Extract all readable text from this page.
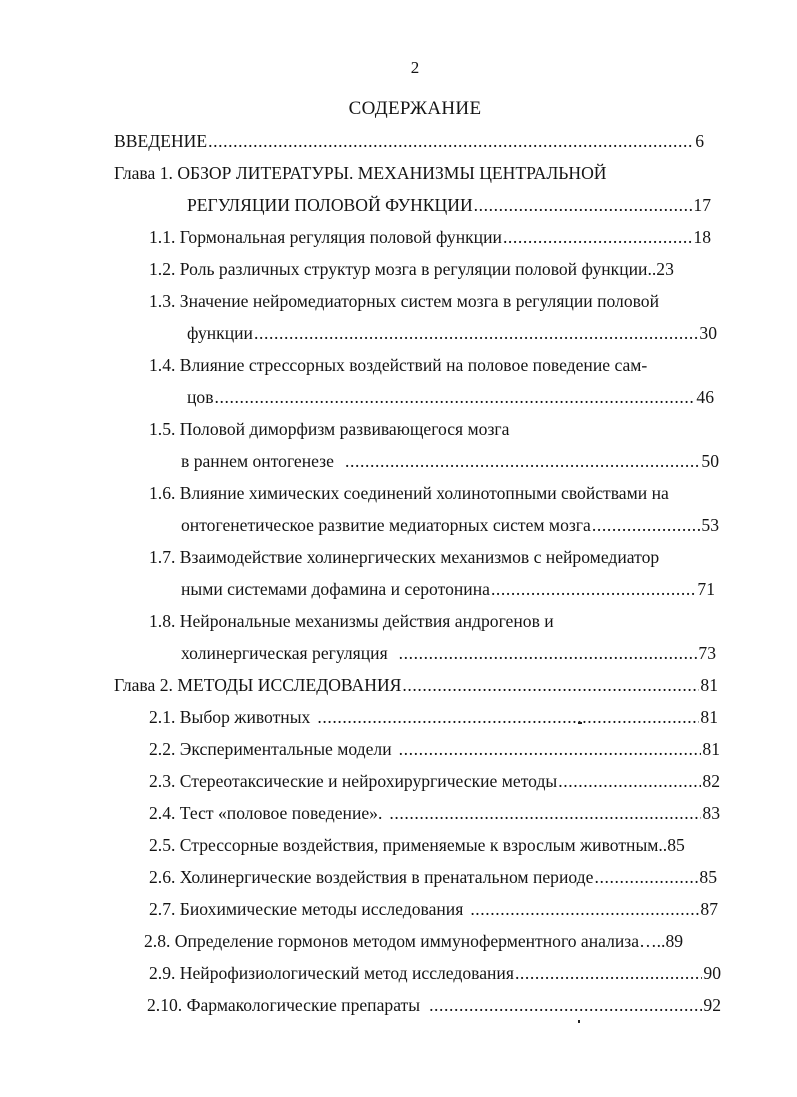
2
СОДЕРЖАНИЕ
ВВЕДЕНИЕ .....	6
Глава 1. ОБЗОР ЛИТЕРАТУРЫ. МЕХАНИЗМЫ ЦЕНТРАЛЬНОЙ
РЕГУЛЯЦИИ ПОЛОВОЙ ФУНКЦИИ .....	17
1.1. Гормональная регуляция половой функции .....	18
1.2. Роль различных структур мозга в регуляции половой функции.. 23
1.3. Значение нейромедиаторных систем мозга в регуляции половой
функции .....	30
1.4. Влияние стрессорных воздействий на половое поведение сам-
цов .....	46
1.5. Половой диморфизм развивающегося мозга
в раннем онтогенезе .....	50
1.6. Влияние химических соединений холинотопными свойствами на
онтогенетическое развитие медиаторных систем мозга .....	53
1.7. Взаимодействие холинергических механизмов с нейромедиатор
ными системами дофамина и серотонина .....	71
1.8. Нейрональные механизмы действия андрогенов и
холинергическая регуляция .....	73
Глава 2. МЕТОДЫ ИССЛЕДОВАНИЯ .....	81
2.1. Выбор животных .....	81
2.2. Экспериментальные модели .....	81
2.3. Стереотаксические и нейрохирургические методы .....	82
2.4. Тест «половое поведение». .....	83
2.5. Стрессорные воздействия, применяемые к взрослым животным.. 85
2.6. Холинергические воздействия в пренатальном периоде .....	85
2.7. Биохимические методы исследования .....	87
2.8. Определение гормонов методом иммуноферментного анализа….. 89
2.9. Нейрофизиологический метод исследования .....	90
2.10. Фармакологические препараты .....	92
